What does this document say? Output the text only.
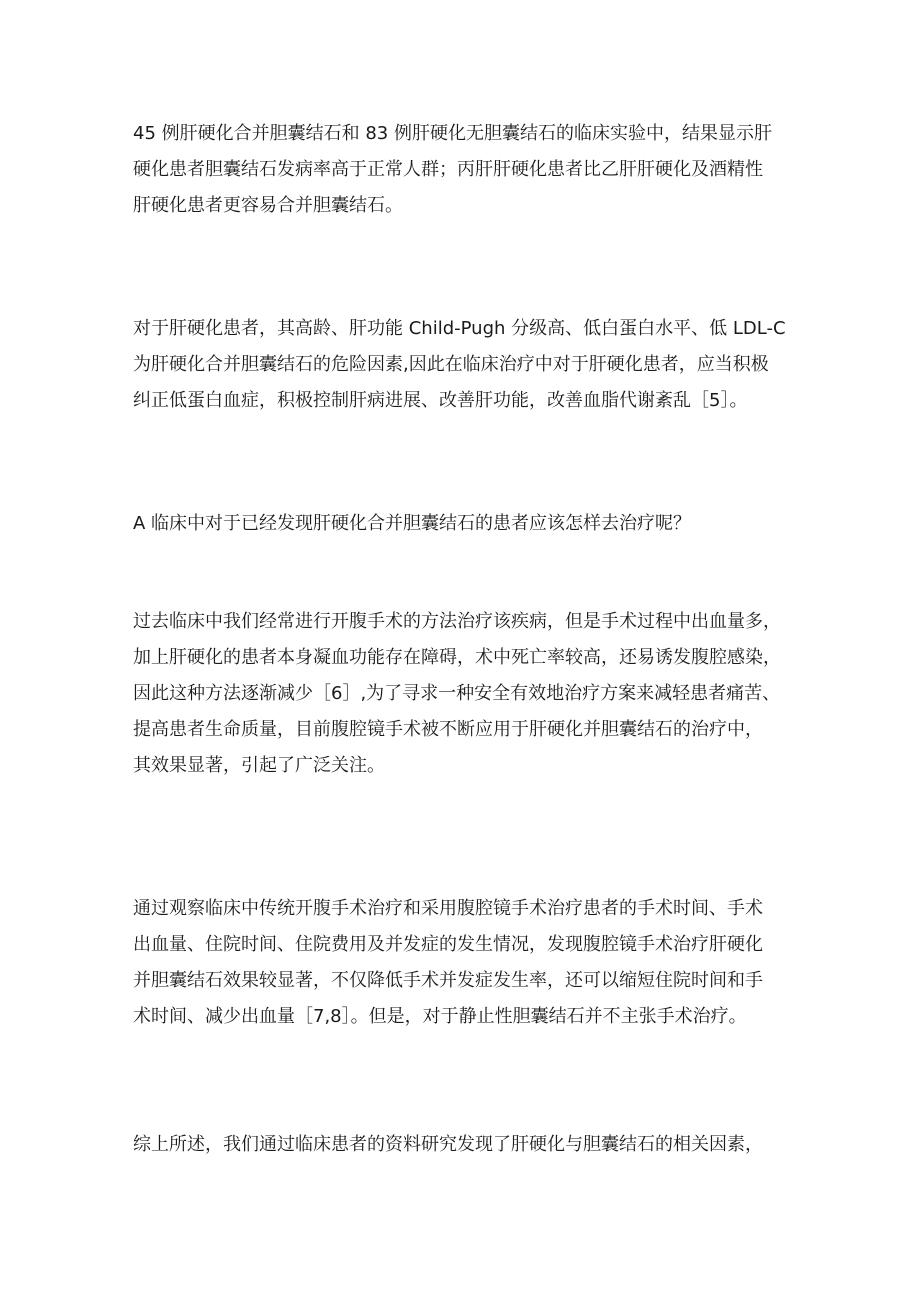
45 例肝硬化合并胆囊结石和 83 例肝硬化无胆囊结石的临床实验中，结果显示肝
硬化患者胆囊结石发病率高于正常人群；丙肝肝硬化患者比乙肝肝硬化及酒精性
肝硬化患者更容易合并胆囊结石。
对于肝硬化患者，其高龄、肝功能 Child-Pugh 分级高、低白蛋白水平、低 LDL-C
为肝硬化合并胆囊结石的危险因素,因此在临床治疗中对于肝硬化患者，应当积极
纠正低蛋白血症，积极控制肝病进展、改善肝功能，改善血脂代谢紊乱［5］。
A 临床中对于已经发现肝硬化合并胆囊结石的患者应该怎样去治疗呢？
过去临床中我们经常进行开腹手术的方法治疗该疾病，但是手术过程中出血量多，
加上肝硬化的患者本身凝血功能存在障碍，术中死亡率较高，还易诱发腹腔感染，
因此这种方法逐渐减少［6］,为了寻求一种安全有效地治疗方案来减轻患者痛苦、
提高患者生命质量，目前腹腔镜手术被不断应用于肝硬化并胆囊结石的治疗中，
其效果显著，引起了广泛关注。
通过观察临床中传统开腹手术治疗和采用腹腔镜手术治疗患者的手术时间、手术
出血量、住院时间、住院费用及并发症的发生情况，发现腹腔镜手术治疗肝硬化
并胆囊结石效果较显著，不仅降低手术并发症发生率，还可以缩短住院时间和手
术时间、减少出血量［7,8］。但是，对于静止性胆囊结石并不主张手术治疗。
综上所述，我们通过临床患者的资料研究发现了肝硬化与胆囊结石的相关因素，
